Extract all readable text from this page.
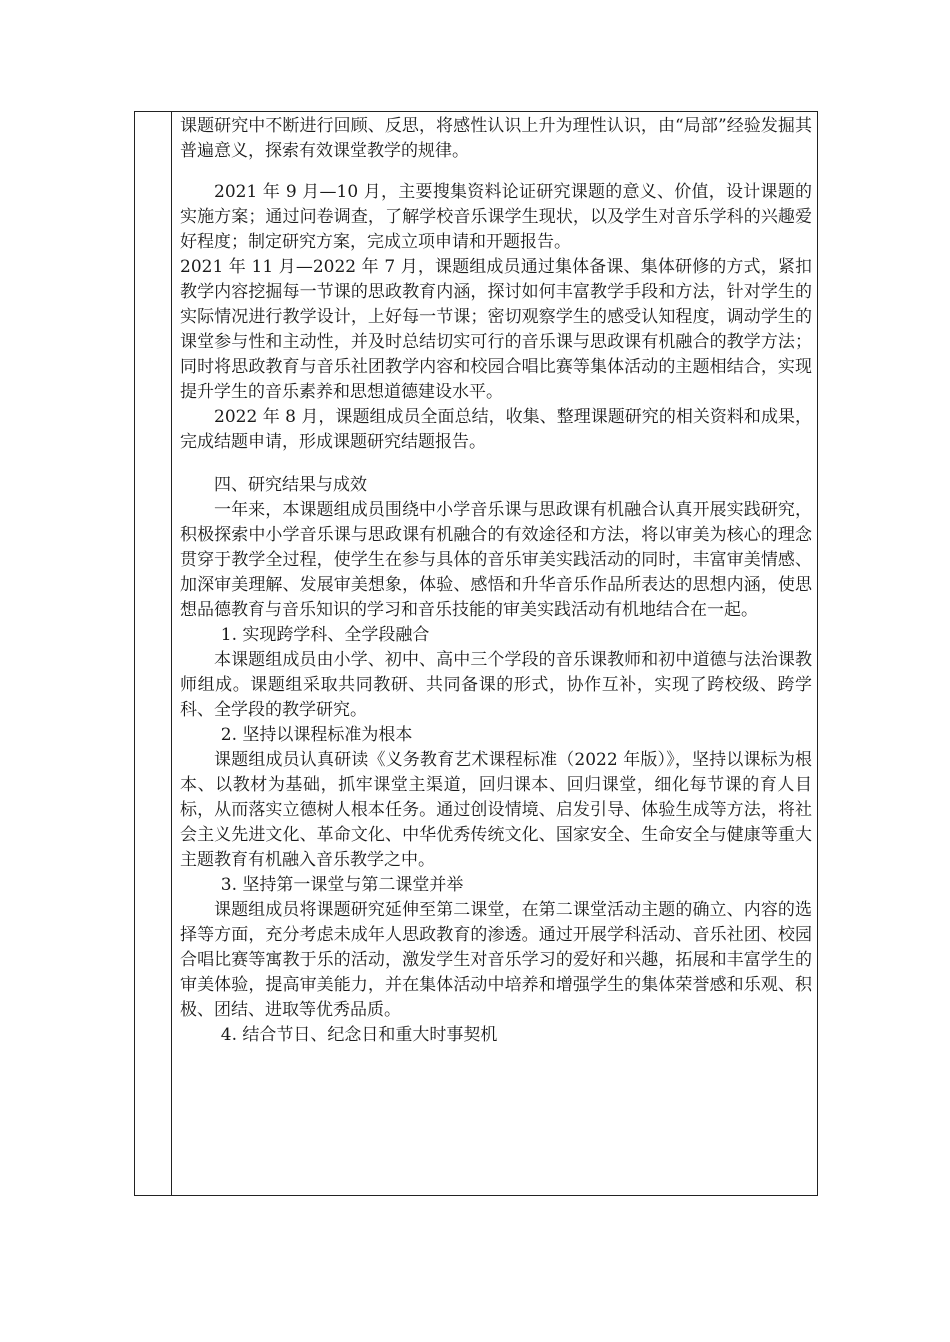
课题研究中不断进行回顾、反思，将感性认识上升为理性认识，由“局部”经验发掘其普遍意义，探索有效课堂教学的规律。

2021 年 9 月—10 月，主要搜集资料论证研究课题的意义、价值，设计课题的实施方案；通过问卷调查，了解学校音乐课学生现状，以及学生对音乐学科的兴趣爱好程度；制定研究方案，完成立项申请和开题报告。

2021 年 11 月—2022 年 7 月，课题组成员通过集体备课、集体研修的方式，紧扣教学内容挖掘每一节课的思政教育内涵，探讨如何丰富教学手段和方法，针对学生的实际情况进行教学设计，上好每一节课；密切观察学生的感受认知程度，调动学生的课堂参与性和主动性，并及时总结切实可行的音乐课与思政课有机融合的教学方法；同时将思政教育与音乐社团教学内容和校园合唱比赛等集体活动的主题相结合，实现提升学生的音乐素养和思想道德建设水平。

2022 年 8 月，课题组成员全面总结，收集、整理课题研究的相关资料和成果，完成结题申请，形成课题研究结题报告。

四、研究结果与成效

一年来，本课题组成员围绕中小学音乐课与思政课有机融合认真开展实践研究，积极探索中小学音乐课与思政课有机融合的有效途径和方法，将以审美为核心的理念贯穿于教学全过程，使学生在参与具体的音乐审美实践活动的同时，丰富审美情感、加深审美理解、发展审美想象，体验、感悟和升华音乐作品所表达的思想内涵，使思想品德教育与音乐知识的学习和音乐技能的审美实践活动有机地结合在一起。

1. 实现跨学科、全学段融合

本课题组成员由小学、初中、高中三个学段的音乐课教师和初中道德与法治课教师组成。课题组采取共同教研、共同备课的形式，协作互补，实现了跨校级、跨学科、全学段的教学研究。

2. 坚持以课程标准为根本

课题组成员认真研读《义务教育艺术课程标准（2022 年版）》，坚持以课标为根本、以教材为基础，抓牢课堂主渠道，回归课本、回归课堂，细化每节课的育人目标，从而落实立德树人根本任务。通过创设情境、启发引导、体验生成等方法，将社会主义先进文化、革命文化、中华优秀传统文化、国家安全、生命安全与健康等重大主题教育有机融入音乐教学之中。

3. 坚持第一课堂与第二课堂并举

课题组成员将课题研究延伸至第二课堂，在第二课堂活动主题的确立、内容的选择等方面，充分考虑未成年人思政教育的渗透。通过开展学科活动、音乐社团、校园合唱比赛等寓教于乐的活动，激发学生对音乐学习的爱好和兴趣，拓展和丰富学生的审美体验，提高审美能力，并在集体活动中培养和增强学生的集体荣誉感和乐观、积极、团结、进取等优秀品质。

4. 结合节日、纪念日和重大时事契机
